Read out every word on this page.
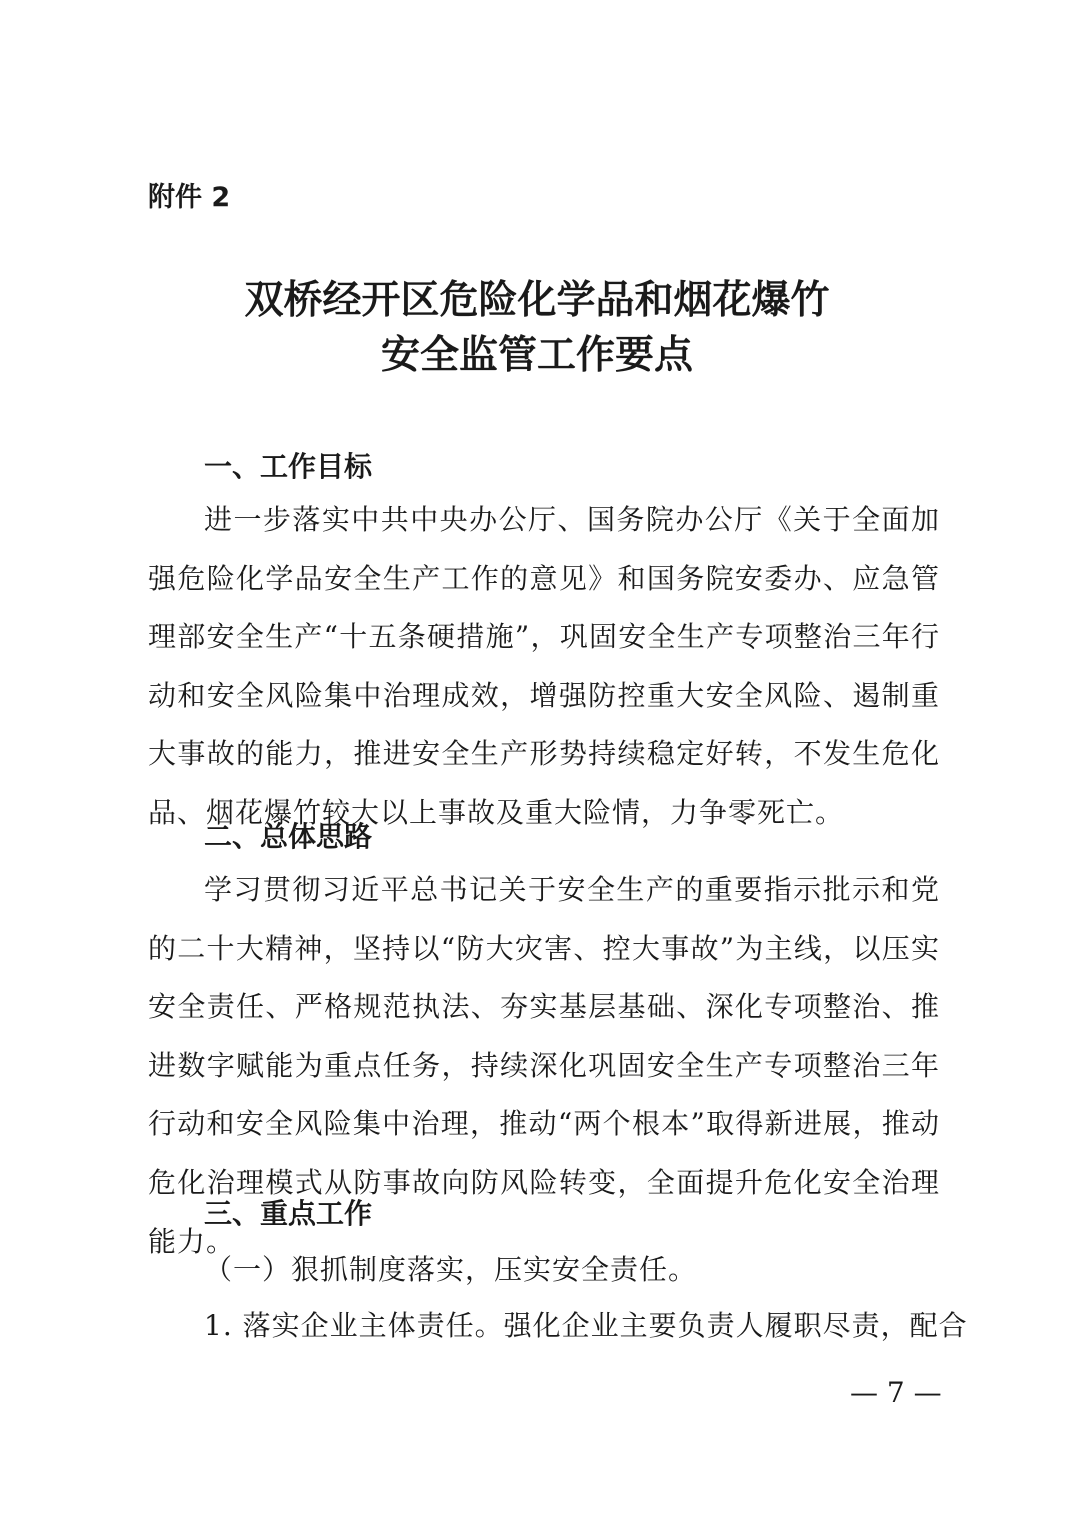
附件 2
双桥经开区危险化学品和烟花爆竹
安全监管工作要点
一、工作目标

进一步落实中共中央办公厅、国务院办公厅《关于全面加强危险化学品安全生产工作的意见》和国务院安委办、应急管理部安全生产“十五条硬措施”，巩固安全生产专项整治三年行动和安全风险集中治理成效，增强防控重大安全风险、遏制重大事故的能力，推进安全生产形势持续稳定好转，不发生危化品、烟花爆竹较大以上事故及重大险情，力争零死亡。

二、总体思路

学习贯彻习近平总书记关于安全生产的重要指示批示和党的二十大精神，坚持以“防大灾害、控大事故”为主线，以压实安全责任、严格规范执法、夯实基层基础、深化专项整治、推进数字赋能为重点任务，持续深化巩固安全生产专项整治三年行动和安全风险集中治理，推动“两个根本”取得新进展，推动危化治理模式从防事故向防风险转变，全面提升危化安全治理能力。

三、重点工作
（一）狠抓制度落实，压实安全责任。
1. 落实企业主体责任。强化企业主要负责人履职尽责，配合
— 7 —
